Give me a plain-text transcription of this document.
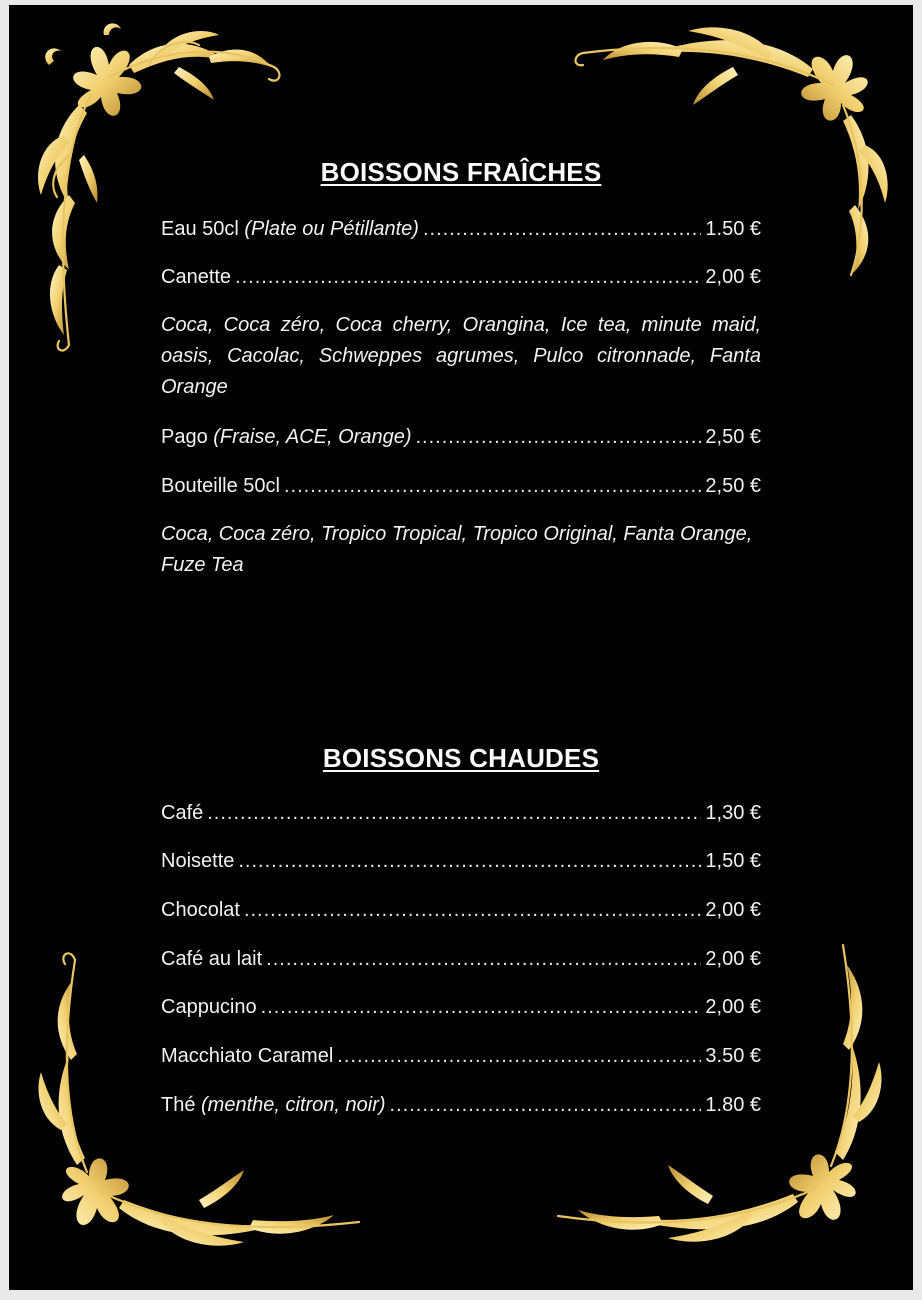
BOISSONS FRAÎCHES
Eau 50cl (Plate ou Pétillante) .....	1.50 €
Canette .....	2,00 €
Coca, Coca zéro, Coca cherry, Orangina, Ice tea, minute maid, oasis, Cacolac, Schweppes agrumes, Pulco citronnade, Fanta Orange
Pago (Fraise, ACE, Orange) .....	2,50 €
Bouteille 50cl .....	2,50 €
Coca, Coca zéro, Tropico Tropical, Tropico Original, Fanta Orange, Fuze Tea
BOISSONS CHAUDES
Café .....	1,30 €
Noisette .....	1,50 €
Chocolat .....	2,00 €
Café au lait .....	2,00 €
Cappucino .....	2,00 €
Macchiato Caramel .....	3.50 €
Thé (menthe, citron, noir) .....	1.80 €
